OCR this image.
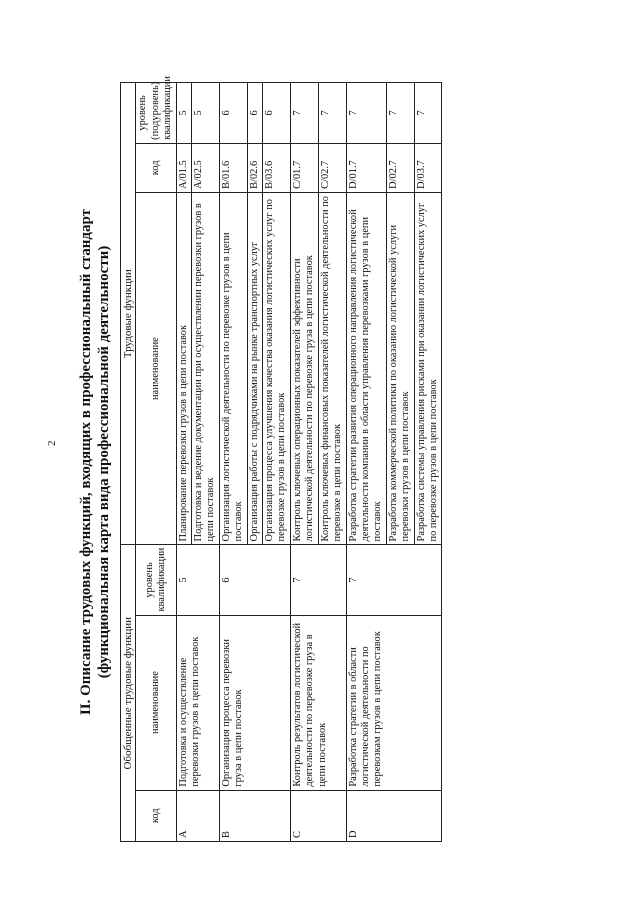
2 II. Описание трудовых функций, входящих в профессиональный стандарт (функциональная карта вида профессиональной деятельности)
Обобщенные трудовые функции			Трудовые функции		
код	наименование	уровень квалификации	наименование	код	уровень (подуровень) квалификации
A	Подготовка и осуществление перевозки грузов в цепи поставок	5	Планирование перевозки грузов в цепи поставок	A/01.5	5
			Подготовка и ведение документации при осуществлении перевозки грузов в цепи поставок	A/02.5	5
B	Организация процесса перевозки груза в цепи поставок	6	Организация логистической деятельности по перевозке грузов в цепи поставок	B/01.6	6
			Организация работы с подрядчиками на рынке транспортных услуг	B/02.6	6
			Организация процесса улучшения качества оказания логистических услуг по перевозке грузов в цепи поставок	B/03.6	6
C	Контроль результатов логистической деятельности по перевозке груза в цепи поставок	7	Контроль ключевых операционных показателей эффективности логистической деятельности по перевозке груза в цепи поставок	C/01.7	7
			Контроль ключевых финансовых показателей логистической деятельности по перевозке в цепи поставок	C/02.7	7
D	Разработка стратегии в области логистической деятельности по перевозкам грузов в цепи поставок	7	Разработка стратегии развития операционного направления логистической деятельности компании в области управления перевозками грузов в цепи поставок	D/01.7	7
			Разработка коммерческой политики по оказанию логистической услуги перевозки грузов в цепи поставок	D/02.7	7
			Разработка системы управления рисками при оказании логистических услуг по перевозке грузов в цепи поставок	D/03.7	7
